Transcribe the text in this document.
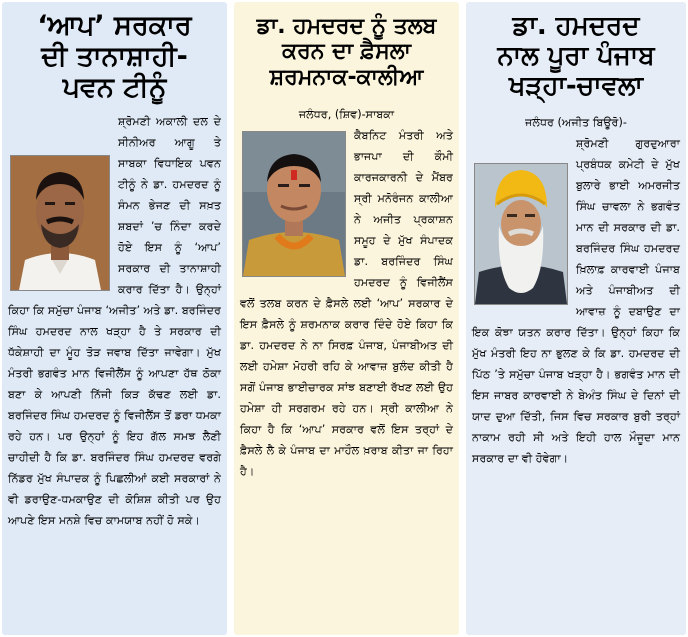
‘ਆਪ’ ਸਰਕਾਰ
ਦੀ ਤਾਨਾਸ਼ਾਹੀ-
ਪਵਨ ਟੀਨੂੰ

ਸ਼੍ਰੋਮਣੀ ਅਕਾਲੀ ਦਲ ਦੇ ਸੀਨੀਅਰ ਆਗੂ ਤੇ ਸਾਬਕਾ ਵਿਧਾਇਕ ਪਵਨ ਟੀਨੂੰ ਨੇ ਡਾ. ਹਮਦਰਦ ਨੂੰ ਸੰਮਨ ਭੇਜਣ ਦੀ ਸਖ਼ਤ ਸ਼ਬਦਾਂ ’ਚ ਨਿੰਦਾ ਕਰਦੇ ਹੋਏ ਇਸ ਨੂੰ ‘ਆਪ’ ਸਰਕਾਰ ਦੀ ਤਾਨਾਸ਼ਾਹੀ ਕਰਾਰ ਦਿੱਤਾ ਹੈ। ਉਨ੍ਹਾਂ ਕਿਹਾ ਕਿ ਸਮੁੱਚਾ ਪੰਜਾਬ ‘ਅਜੀਤ’ ਅਤੇ ਡਾ. ਬਰਜਿੰਦਰ ਸਿੰਘ ਹਮਦਰਦ ਨਾਲ ਖੜ੍ਹਾ ਹੈ ਤੇ ਸਰਕਾਰ ਦੀ ਧੱਕੇਸ਼ਾਹੀ ਦਾ ਮੂੰਹ ਤੋੜ ਜਵਾਬ ਦਿੱਤਾ ਜਾਵੇਗਾ। ਮੁੱਖ ਮੰਤਰੀ ਭਗਵੰਤ ਮਾਨ ਵਿਜੀਲੈਂਸ ਨੂੰ ਆਪਣਾ ਹੱਥ ਠੋਕਾ ਬਣਾ ਕੇ ਆਪਣੀ ਨਿੱਜੀ ਕਿੜ ਕੱਢਣ ਲਈ ਡਾ. ਬਰਜਿੰਦਰ ਸਿੰਘ ਹਮਦਰਦ ਨੂੰ ਵਿਜੀਲੈਂਸ ਤੋਂ ਡਰਾ ਧਮਕਾ ਰਹੇ ਹਨ। ਪਰ ਉਨ੍ਹਾਂ ਨੂੰ ਇਹ ਗੱਲ ਸਮਝ ਲੈਣੀ ਚਾਹੀਦੀ ਹੈ ਕਿ ਡਾ. ਬਰਜਿੰਦਰ ਸਿੰਘ ਹਮਦਰਦ ਵਰਗੇ ਨਿੱਡਰ ਮੁੱਖ ਸੰਪਾਦਕ ਨੂੰ ਪਿਛਲੀਆਂ ਕਈ ਸਰਕਾਰਾਂ ਨੇ ਵੀ ਡਰਾਉਣ-ਧਮਕਾਉਣ ਦੀ ਕੋਸ਼ਿਸ਼ ਕੀਤੀ ਪਰ ਉਹ ਆਪਣੇ ਇਸ ਮਨਸ਼ੇ ਵਿਚ ਕਾਮਯਾਬ ਨਹੀਂ ਹੋ ਸਕੇ।

ਡਾ. ਹਮਦਰਦ ਨੂੰ ਤਲਬ
ਕਰਨ ਦਾ ਫ਼ੈਸਲਾ
ਸ਼ਰਮਨਾਕ-ਕਾਲੀਆ
ਜਲੰਧਰ, (ਸ਼ਿਵ)-ਸਾਬਕਾ

ਕੈਬਨਿਟ ਮੰਤਰੀ ਅਤੇ ਭਾਜਪਾ ਦੀ ਕੌਮੀ ਕਾਰਜਕਾਰਨੀ ਦੇ ਮੈਂਬਰ ਸ੍ਰੀ ਮਨੋਰੰਜਨ ਕਾਲੀਆ ਨੇ ਅਜੀਤ ਪ੍ਰਕਾਸ਼ਨ ਸਮੂਹ ਦੇ ਮੁੱਖ ਸੰਪਾਦਕ ਡਾ. ਬਰਜਿੰਦਰ ਸਿੰਘ ਹਮਦਰਦ ਨੂੰ ਵਿਜੀਲੈਂਸ ਵਲੋਂ ਤਲਬ ਕਰਨ ਦੇ ਫ਼ੈਸਲੇ ਲਈ ‘ਆਪ’ ਸਰਕਾਰ ਦੇ ਇਸ ਫ਼ੈਸਲੇ ਨੂੰ ਸ਼ਰਮਨਾਕ ਕਰਾਰ ਦਿੰਦੇ ਹੋਏ ਕਿਹਾ ਕਿ ਡਾ. ਹਮਦਰਦ ਨੇ ਨਾ ਸਿਰਫ਼ ਪੰਜਾਬ, ਪੰਜਾਬੀਅਤ ਦੀ ਲਈ ਹਮੇਸ਼ਾ ਮੋਹਰੀ ਰਹਿ ਕੇ ਆਵਾਜ਼ ਬੁਲੰਦ ਕੀਤੀ ਹੈ ਸਗੋਂ ਪੰਜਾਬ ਭਾਈਚਾਰਕ ਸਾਂਝ ਬਣਾਈ ਰੱਖਣ ਲਈ ਉਹ ਹਮੇਸ਼ਾ ਹੀ ਸਰਗਰਮ ਰਹੇ ਹਨ। ਸ੍ਰੀ ਕਾਲੀਆ ਨੇ ਕਿਹਾ ਹੈ ਕਿ ‘ਆਪ’ ਸਰਕਾਰ ਵਲੋਂ ਇਸ ਤਰ੍ਹਾਂ ਦੇ ਫ਼ੈਸਲੇ ਲੈ ਕੇ ਪੰਜਾਬ ਦਾ ਮਾਹੌਲ ਖ਼ਰਾਬ ਕੀਤਾ ਜਾ ਰਿਹਾ ਹੈ।

ਡਾ. ਹਮਦਰਦ
ਨਾਲ ਪੂਰਾ ਪੰਜਾਬ
ਖੜ੍ਹਾ-ਚਾਵਲਾ
ਜਲੰਧਰ (ਅਜੀਤ ਬਿਊਰੋ)-

ਸ਼੍ਰੋਮਣੀ ਗੁਰਦੁਆਰਾ ਪ੍ਰਬੰਧਕ ਕਮੇਟੀ ਦੇ ਮੁੱਖ ਬੁਲਾਰੇ ਭਾਈ ਅਮਰਜੀਤ ਸਿੰਘ ਚਾਵਲਾ ਨੇ ਭਗਵੰਤ ਮਾਨ ਦੀ ਸਰਕਾਰ ਦੀ ਡਾ. ਬਰਜਿੰਦਰ ਸਿੰਘ ਹਮਦਰਦ ਖ਼ਿਲਾਫ਼ ਕਾਰਵਾਈ ਪੰਜਾਬ ਅਤੇ ਪੰਜਾਬੀਅਤ ਦੀ ਆਵਾਜ਼ ਨੂੰ ਦਬਾਉਣ ਦਾ ਇਕ ਕੋਝਾ ਯਤਨ ਕਰਾਰ ਦਿੱਤਾ। ਉਨ੍ਹਾਂ ਕਿਹਾ ਕਿ ਮੁੱਖ ਮੰਤਰੀ ਇਹ ਨਾ ਭੁਲਣ ਕੇ ਕਿ ਡਾ. ਹਮਦਰਦ ਦੀ ਪਿੱਠ ’ਤੇ ਸਮੁੱਚਾ ਪੰਜਾਬ ਖੜ੍ਹਾ ਹੈ। ਭਗਵੰਤ ਮਾਨ ਦੀ ਇਸ ਜਾਬਰ ਕਾਰਵਾਈ ਨੇ ਬੇਅੰਤ ਸਿੰਘ ਦੇ ਦਿਨਾਂ ਦੀ ਯਾਦ ਦੁਆ ਦਿੱਤੀ, ਜਿਸ ਵਿਚ ਸਰਕਾਰ ਬੁਰੀ ਤਰ੍ਹਾਂ ਨਾਕਾਮ ਰਹੀ ਸੀ ਅਤੇ ਇਹੀ ਹਾਲ ਮੌਜੂਦਾ ਮਾਨ ਸਰਕਾਰ ਦਾ ਵੀ ਹੋਵੇਗਾ।
